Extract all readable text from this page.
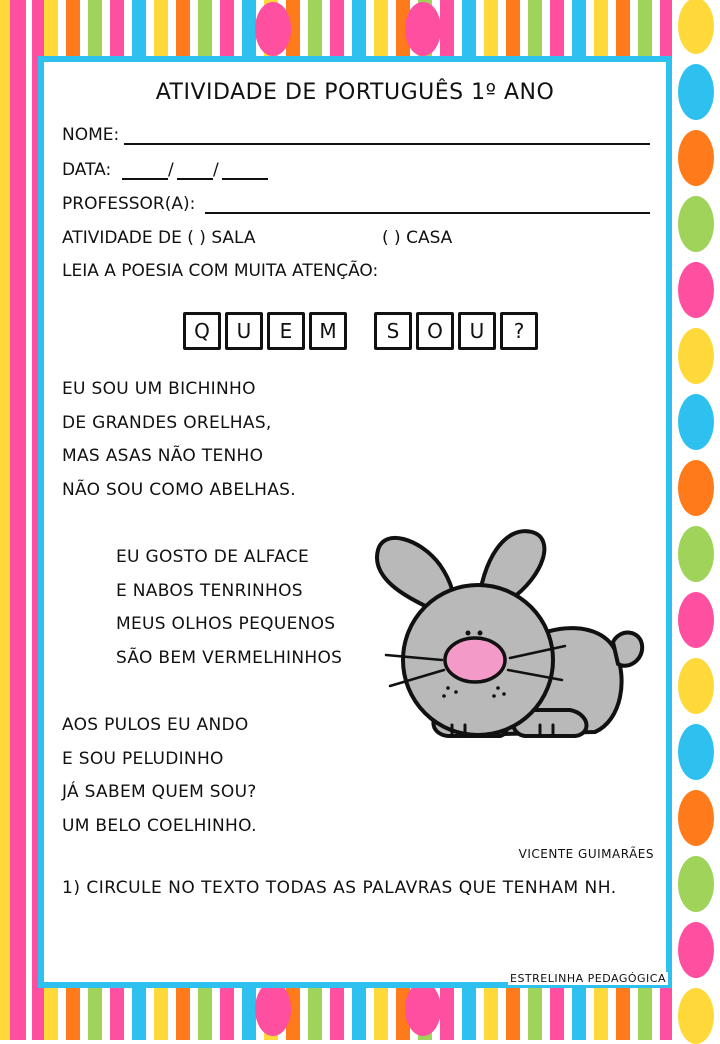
ATIVIDADE DE PORTUGUÊS 1º ANO
NOME:
DATA:	/ /
PROFESSOR(A):
ATIVIDADE DE ( ) SALA	( ) CASA
LEIA A POESIA COM MUITA ATENÇÃO:
Q	U	E	M	S	O	U	?
EU SOU UM BICHINHO
DE GRANDES ORELHAS,
MAS ASAS NÃO TENHO
NÃO SOU COMO ABELHAS.
EU GOSTO DE ALFACE
E NABOS TENRINHOS
MEUS OLHOS PEQUENOS
SÃO BEM VERMELHINHOS
AOS PULOS EU ANDO
E SOU PELUDINHO
JÁ SABEM QUEM SOU?
UM BELO COELHINHO.
VICENTE GUIMARÃES
1) CIRCULE NO TEXTO TODAS AS PALAVRAS QUE TENHAM NH.
ESTRELINHA PEDAGÓGICA
